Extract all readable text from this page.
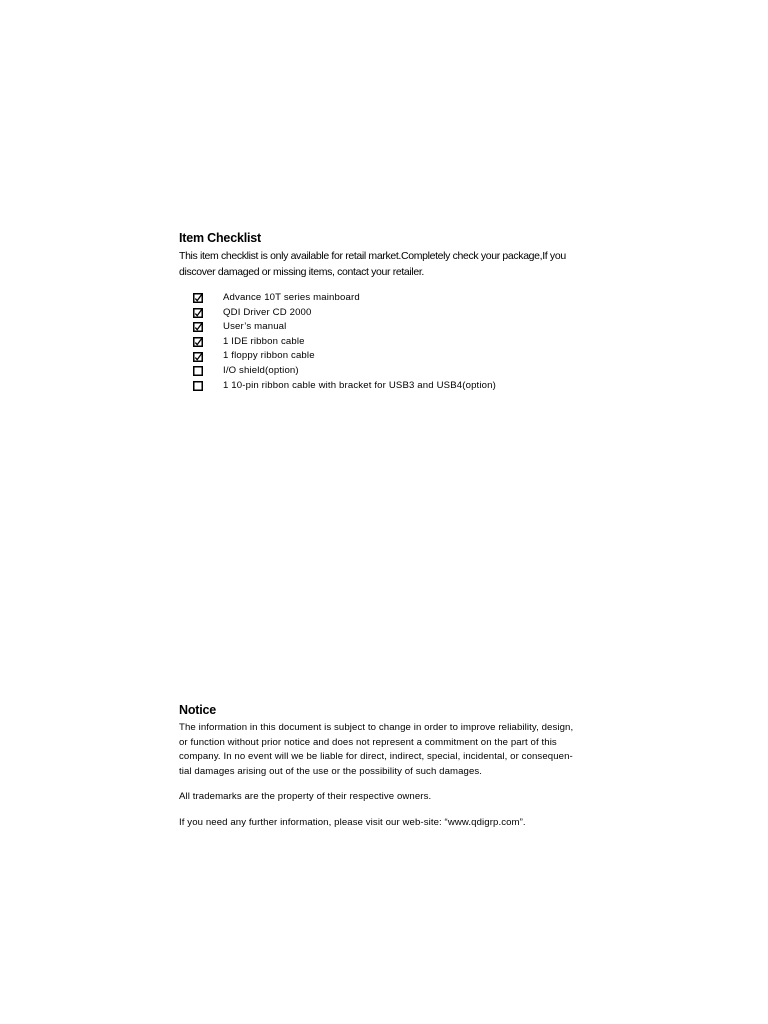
Item Checklist

This item checklist is only available for retail market.Completely check your package,If you
discover damaged or missing items, contact your retailer.

Advance 10T series mainboard
QDI Driver CD 2000
User’s manual
1 IDE ribbon cable
1 floppy ribbon cable
I/O shield(option)
1 10-pin ribbon cable with bracket for USB3 and USB4(option)
Notice

The information in this document is subject to change in order to improve reliability, design,
or function without prior notice and does not represent a commitment on the part of this
company. In no event will we be liable for direct, indirect, special, incidental, or consequen-
tial damages arising out of the use or the possibility of such damages.

All trademarks are the property of their respective owners.

If you need any further information, please visit our web-site: “www.qdigrp.com”.
